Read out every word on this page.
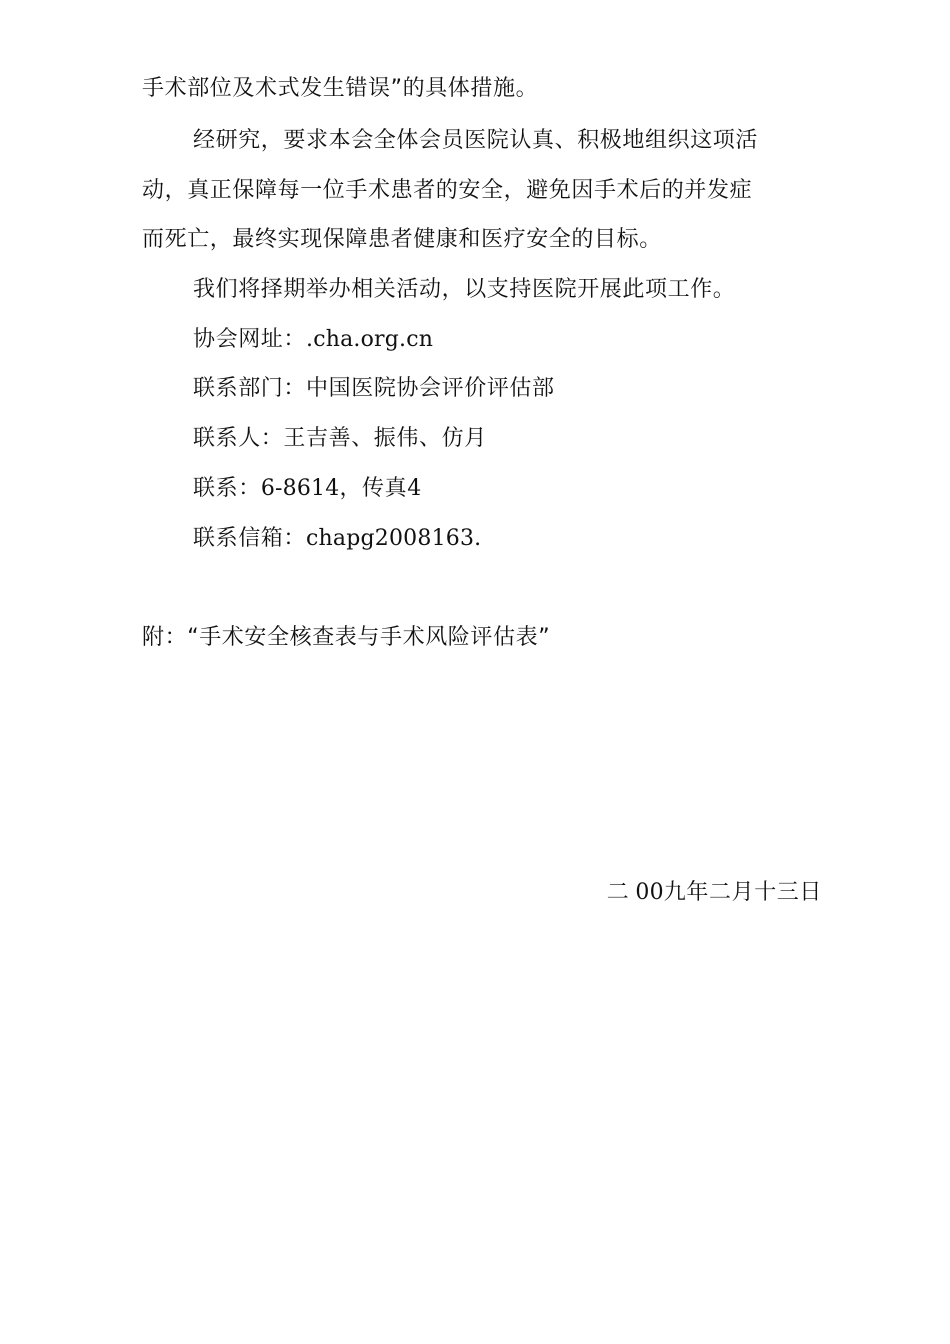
手术部位及术式发生错误”的具体措施。
经研究，要求本会全体会员医院认真、积极地组织这项活
动，真正保障每一位手术患者的安全，避免因手术后的并发症
而死亡，最终实现保障患者健康和医疗安全的目标。
我们将择期举办相关活动，以支持医院开展此项工作。
协会网址：.cha.org.cn
联系部门：中国医院协会评价评估部
联系人：王吉善、振伟、仿月
联系：6-8614，传真4
联系信箱：chapg2008163.
附：“手术安全核查表与手术风险评估表”
二 00九年二月十三日
